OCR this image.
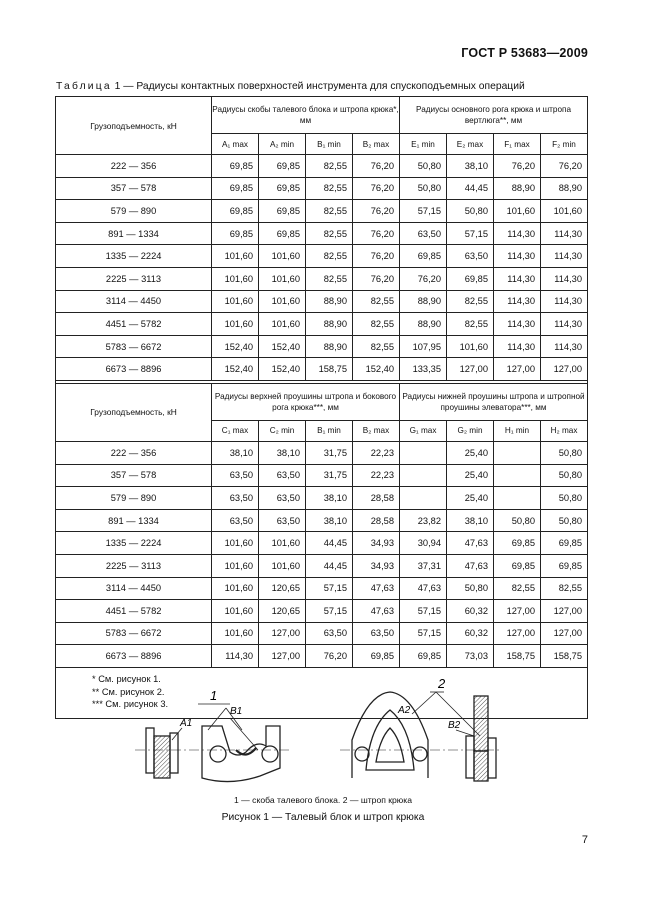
ГОСТ Р 53683—2009
Таблица 1 — Радиусы контактных поверхностей инструмента для спускоподъемных операций
Грузоподъемность, кН	Радиусы скобы талевого блока и штропа крюка*, мм				Радиусы основного рога крюка и штропа вертлюга**, мм			
	A₁ max	A₂ min	B₁ min	B₂ max	E₁ min	E₂ max	F₁ max	F₂ min
222 — 356	69,85	69,85	82,55	76,20	50,80	38,10	76,20	76,20
357 — 578	69,85	69,85	82,55	76,20	50,80	44,45	88,90	88,90
579 — 890	69,85	69,85	82,55	76,20	57,15	50,80	101,60	101,60
891 — 1334	69,85	69,85	82,55	76,20	63,50	57,15	114,30	114,30
1335 — 2224	101,60	101,60	82,55	76,20	69,85	63,50	114,30	114,30
2225 — 3113	101,60	101,60	82,55	76,20	76,20	69,85	114,30	114,30
3114 — 4450	101,60	101,60	88,90	82,55	88,90	82,55	114,30	114,30
4451 — 5782	101,60	101,60	88,90	82,55	88,90	82,55	114,30	114,30
5783 — 6672	152,40	152,40	88,90	82,55	107,95	101,60	114,30	114,30
6673 — 8896	152,40	152,40	158,75	152,40	133,35	127,00	127,00	127,00

Грузоподъемность, кН	Радиусы верхней проушины штропа и бокового рога крюка***, мм				Радиусы нижней проушины штропа и штропной проушины элеватора***, мм			
	C₁ max	C₂ min	B₁ min	B₂ max	G₁ max	G₂ min	H₁ min	H₂ max
222 — 356	38,10	38,10	31,75	22,23		25,40		50,80
357 — 578	63,50	63,50	31,75	22,23		25,40		50,80
579 — 890	63,50	63,50	38,10	28,58		25,40		50,80
891 — 1334	63,50	63,50	38,10	28,58	23,82	38,10	50,80	50,80
1335 — 2224	101,60	101,60	44,45	34,93	30,94	47,63	69,85	69,85
2225 — 3113	101,60	101,60	44,45	34,93	37,31	47,63	69,85	69,85
3114 — 4450	101,60	120,65	57,15	47,63	47,63	50,80	82,55	82,55
4451 — 5782	101,60	120,65	57,15	47,63	57,15	60,32	127,00	127,00
5783 — 6672	101,60	127,00	63,50	63,50	57,15	60,32	127,00	127,00
6673 — 8896	114,30	127,00	76,20	69,85	69,85	73,03	158,75	158,75

* См. рисунок 1.
** См. рисунок 2.
*** См. рисунок 3.								
1
A1
B1
2
A2
B2
1 — скоба талевого блока. 2 — штроп крюка
Рисунок 1 — Талевый блок и штроп крюка
7
